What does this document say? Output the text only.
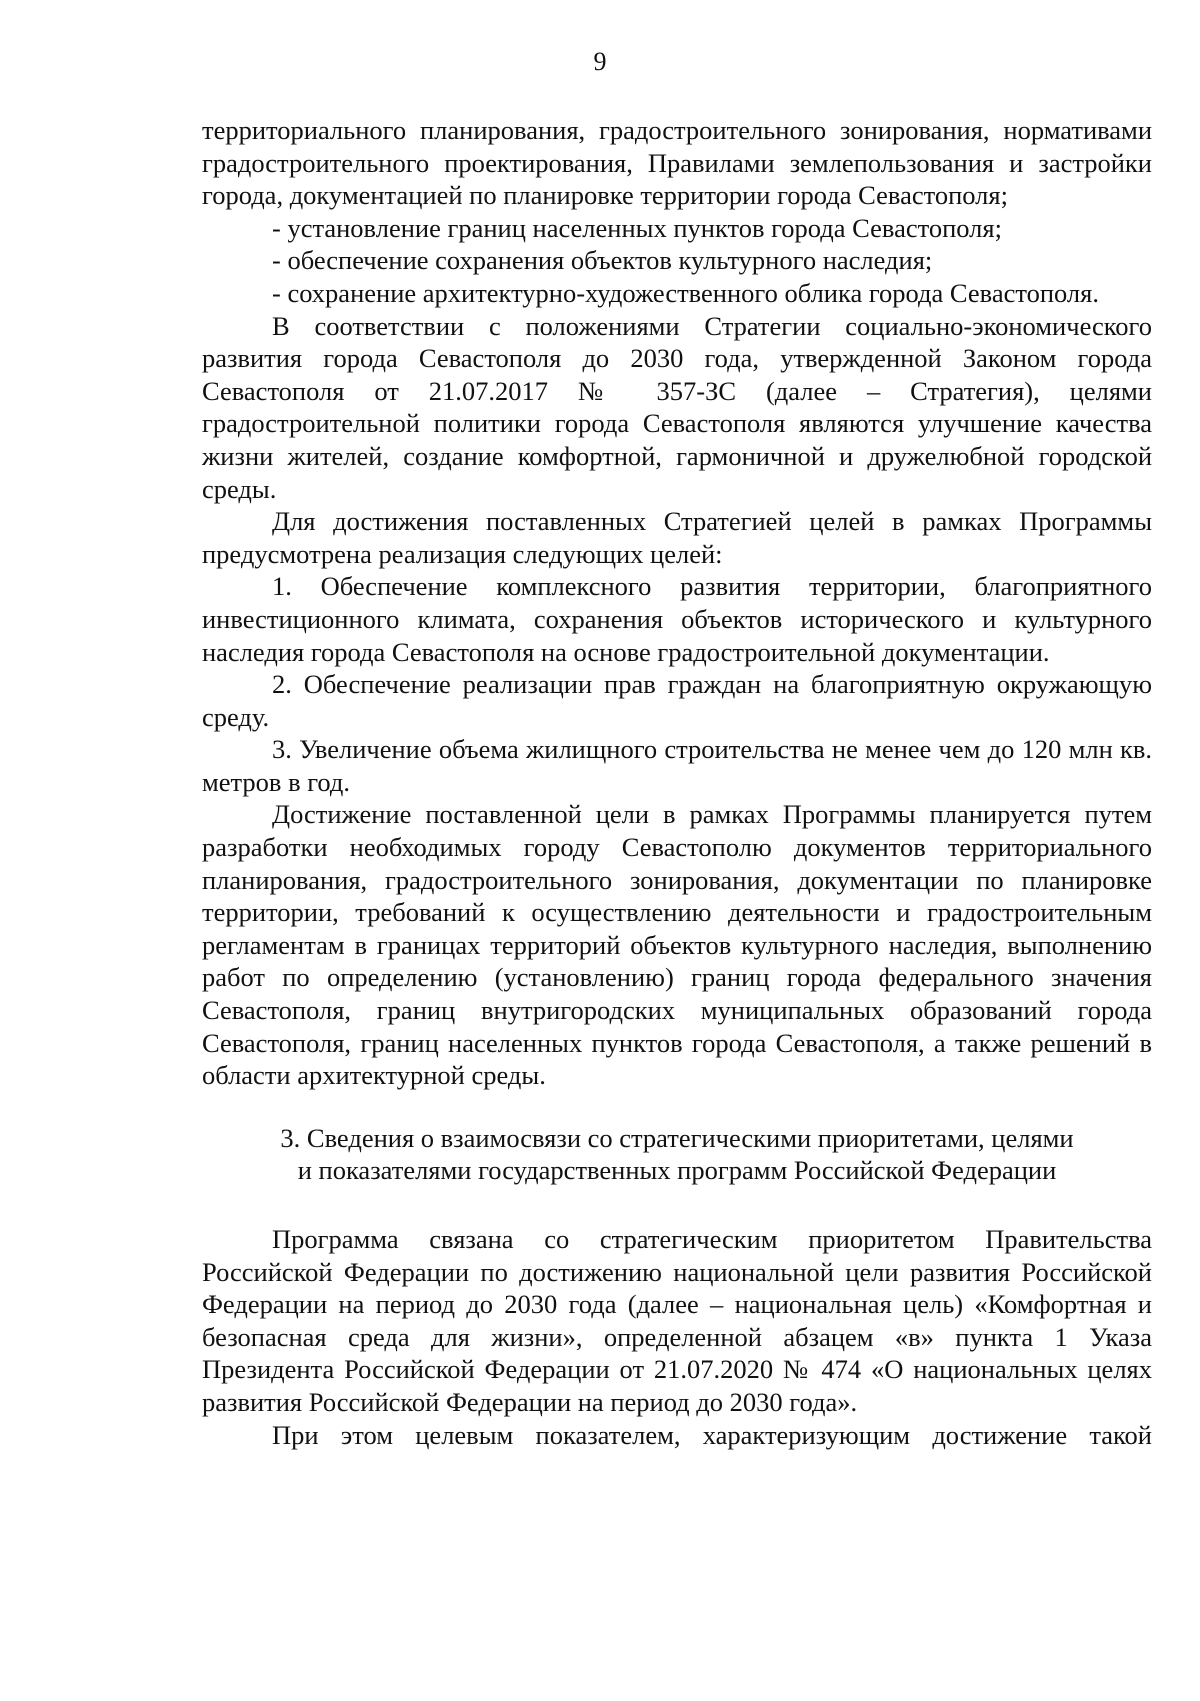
9

территориального планирования, градостроительного зонирования, нормативами градостроительного проектирования, Правилами землепользования и застройки города, документацией по планировке территории города Севастополя;

- установление границ населенных пунктов города Севастополя;

- обеспечение сохранения объектов культурного наследия;

- сохранение архитектурно-художественного облика города Севастополя.

В соответствии с положениями Стратегии социально-экономического развития города Севастополя до 2030 года, утвержденной Законом города Севастополя от 21.07.2017 № 357-ЗС (далее – Стратегия), целями градостроительной политики города Севастополя являются улучшение качества жизни жителей, создание комфортной, гармоничной и дружелюбной городской среды.

Для достижения поставленных Стратегией целей в рамках Программы предусмотрена реализация следующих целей:

1. Обеспечение комплексного развития территории, благоприятного инвестиционного климата, сохранения объектов исторического и культурного наследия города Севастополя на основе градостроительной документации.

2. Обеспечение реализации прав граждан на благоприятную окружающую среду.

3. Увеличение объема жилищного строительства не менее чем до 120 млн кв. метров в год.

Достижение поставленной цели в рамках Программы планируется путем разработки необходимых городу Севастополю документов территориального планирования, градостроительного зонирования, документации по планировке территории, требований к осуществлению деятельности и градостроительным регламентам в границах территорий объектов культурного наследия, выполнению работ по определению (установлению) границ города федерального значения Севастополя, границ внутригородских муниципальных образований города Севастополя, границ населенных пунктов города Севастополя, а также решений в области архитектурной среды.

3. Сведения о взаимосвязи со стратегическими приоритетами, целями
и показателями государственных программ Российской Федерации

Программа связана со стратегическим приоритетом Правительства Российской Федерации по достижению национальной цели развития Российской Федерации на период до 2030 года (далее – национальная цель) «Комфортная и безопасная среда для жизни», определенной абзацем «в» пункта 1 Указа Президента Российской Федерации от 21.07.2020 № 474 «О национальных целях развития Российской Федерации на период до 2030 года».

При этом целевым показателем, характеризующим достижение такой
